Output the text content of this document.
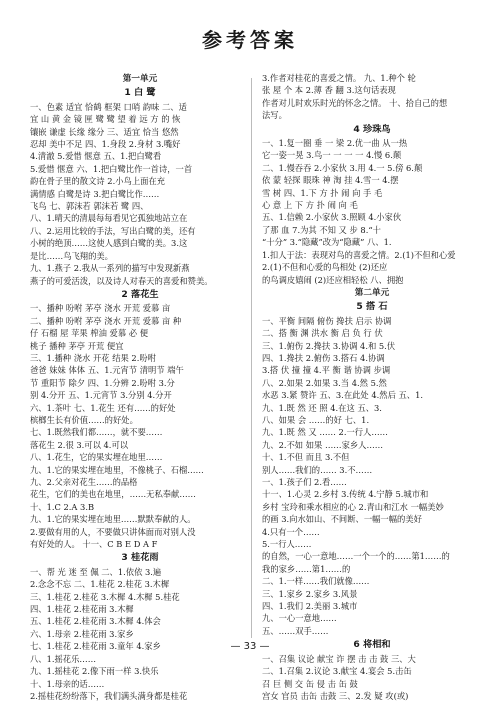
参考答案
第一单元
1 白 鹭
一、色素 适宜 恰鹤 框架 口哨 韵味 二、适
宜 山 黄 金 镜 匣 鹭 鹭 望 着 远 方 的 恢
镶嵌 谦虚 长缘 缘分 三、适宜 恰当 悠然
忍却 美中不足 四、1.身段 2.身材 3.嘴好
4.清澈 5.爱惜 惬意 五、1.把白鹭看
5.爱惜 惬意 六、1.把白鹭比作一首诗，一首
韵在骨子里的散文诗 2.小鸟上面在充
满情感 白鹭是诗 3.把白鹭比作……
飞鸟 七、郭沫若 郭沫若 鹭 四、
八、1.晴天的清晨每每看见它孤独地站立在
八、2.运用比较的手法，写出白鹭的美，还有
小树的绝顶……这使人感到白鹭的美。3.这
是比……鸟飞翔的美。
九、1.燕子 2.我从一系列的描写中发现新燕
燕子的可爱活泼，以及诗人对春天的喜爱和赞美。
2 落花生
一、播种 吩咐 茅亭 浇水 开荒 爱慕 亩
二、播种 吩咐 茅亭 浇水 开荒 爱慕 亩 种
仔 石榴 屋 苹果 榨油 爱慕 必 便
桃子 播种 茅亭 开荒 便宜
三、1.播种 浇水 开花 结果 2.吩咐
爸爸 妹妹 体体 五、1.元宵节 清明节 端午
节 重阳节 除夕 四、1.分辨 2.吩咐 3.分
别 4.分开 五、1.元宵节 3.分别 4.分开
六、1.茶叶 七、1.花生 还有……的好处
槟榔生长有价值……的好处。
七、1.既然我们都……，就不要……
落花生 2.很 3.可以 4.可以
八、1.花生，它的果实埋在地里……
九、1.它的果实埋在地里，不像桃子、石榴……
九、2.父亲对花生……的品格
花生，它们的美也在地里，……无私奉献……
十、1.C 2.A 3.B
九、1.它的果实埋在地里……默默奉献的人。
2.要做有用的人，不要做只讲体面而对别人没
有好处的人。 十一、C B E D A F
3 桂花雨
一、帮 光 迷 至 佩 二、1.依依 3.遍
2.念念不忘 二、1.桂花 2.桂花 3.木樨
三、1.桂花 2.桂花 3.木樨 4.木樨 5.桂花
四、1.桂花 2.桂花雨 3.木樨
五、1.桂花 2.桂花雨 3.木樨 4.体会
六、1.母亲 2.桂花雨 3.家乡
七、1.桂花 2.桂花雨 3.童年 4.家乡
八、1.摇花乐……
九、1.摇桂花 2.像下雨一样 3.快乐
十、1.母亲的话……
2.摇桂花纷纷落下，我们满头满身都是桂花
3.作者对桂花的喜爱之情。 九、1.种个 轮
张 屋 个 本 2.薄 香 翻 3.这句话表现
作者对儿时欢乐时光的怀念之情。 十、拾自己的想
法写。
4 珍珠鸟
一、1.复一圈 垂 一 梁 2.优一曲 从一热
它一姿一晃 3.鸟一 一 一 一 4.慢 6.颠
二、1.慢吞吞 2.小家伙 3.用 4.一 5.傍 6.颠
依 蒙 轻探 眼珠 神 淘 挂 4.雪一 4.摆
雪 树 四、1.下 方 扑 闹 向 手 毛
心 意 上 下 方 扑 闹 向 毛
五、1.信赖 2.小家伙 3.照顾 4.小家伙
了那 血 7.为其 不知 又 步 8.“十
“十分” 3.“隐藏”改为“隐藏” 八、1.
1.扣人于法：表现对鸟的喜爱之情。2.(1)不但和心爱
2.(1)不但和心爱的鸟相处 (2)还应
的鸟调皮嬉闹 (2)还应相轻松 八、拥抱
第二单元
5 搭 石
一、平衡 间隔 俯伤 搀扶 启示 协调
二、搭 衡 渊 洪水 衡 启 负 行 伏
三、1.俯伤 2.搀扶 3.协调 4.和 5.伏
四、1.搀扶 2.俯伤 3.搭石 4.协调
3.搭 伏 撞 撞 4.平 衡 谐 协调 步调
八、2.如果 2.如果 3.当 4.然 5.然
水恶 3.紧 赞许 五、3.在此处 4.然后 五、1.
九、1.既 然 还 照 4.在这 五、3.
八、如果 会 ……的好 七、1.
九、1.既 然 又 …… 2.一行人……
九、2.不如 如果 ……家乡人……
十、1.不但 而且 3.不但
别人……我们的…… 3.不……
一、1.孩子们 2.看……
十一、1.心灵 2.乡村 3.传统 4.宁静 5.城市和
乡村 宝玲和乘水相应的心 2.青山和江水 一幅美妙
的画 3.向水如山、不间断、一幅一幅的美好
4.只有一个……
5.一行人……
的自然，一心一意地……一个一个的……第1……的
我的家乡……第1……的
二、1.一样……我们就像……
三、1.家乡 2.家乡 3.风景
四、1.我们 2.美丽 3.城市
九、一心一意地……
五、……双手……
6 将相和
一、召集 议论 献宝 诈 摆 击 击 鼓 三、大
二、1.召集 2.议论 3.献宝 4.宴会 5.击缶
召 巨 侧 交 缶 侵 击 缶 鼓
宫女 官员 击缶 击鼓 三、2.发 疑 攻(或)
— 33 —
